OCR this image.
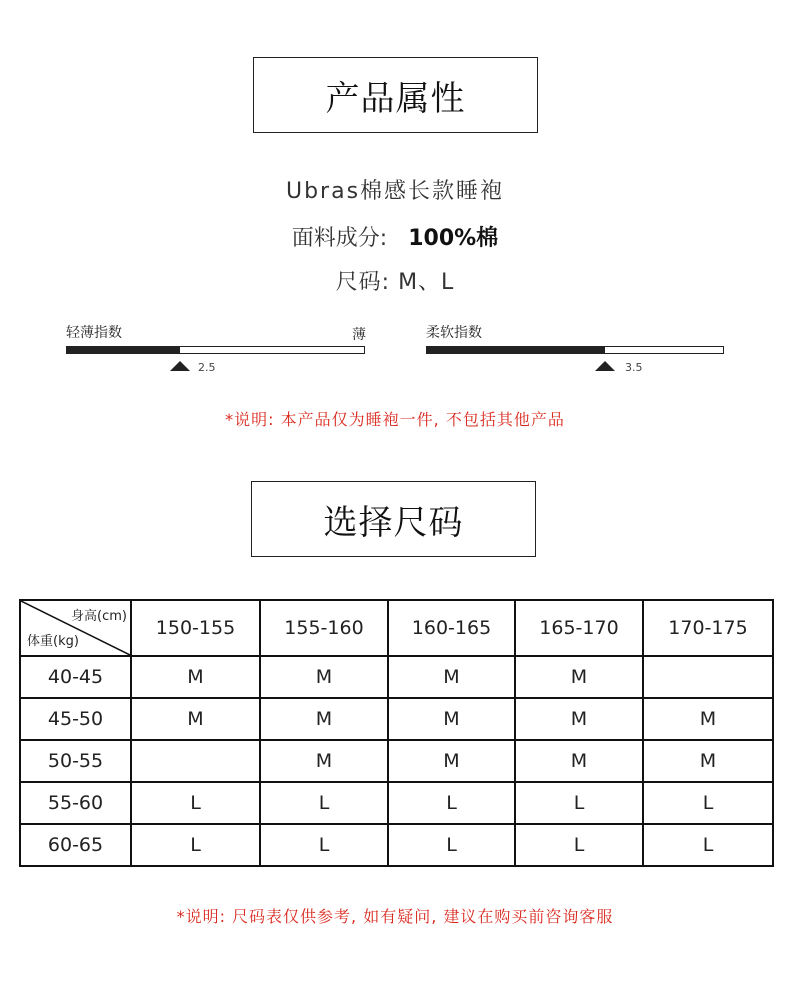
产品属性
Ubras棉感长款睡袍
面料成分: 100%棉
尺码: M、L
轻薄指数	薄
2.5
柔软指数
3.5
*说明: 本产品仅为睡袍一件, 不包括其他产品
选择尺码
身高(cm)
体重(kg)	150-155	155-160	160-165	165-170	170-175
40-45	M	M	M	M	
45-50	M	M	M	M	M
50-55		M	M	M	M
55-60	L	L	L	L	L
60-65	L	L	L	L	L
*说明: 尺码表仅供参考, 如有疑问, 建议在购买前咨询客服
